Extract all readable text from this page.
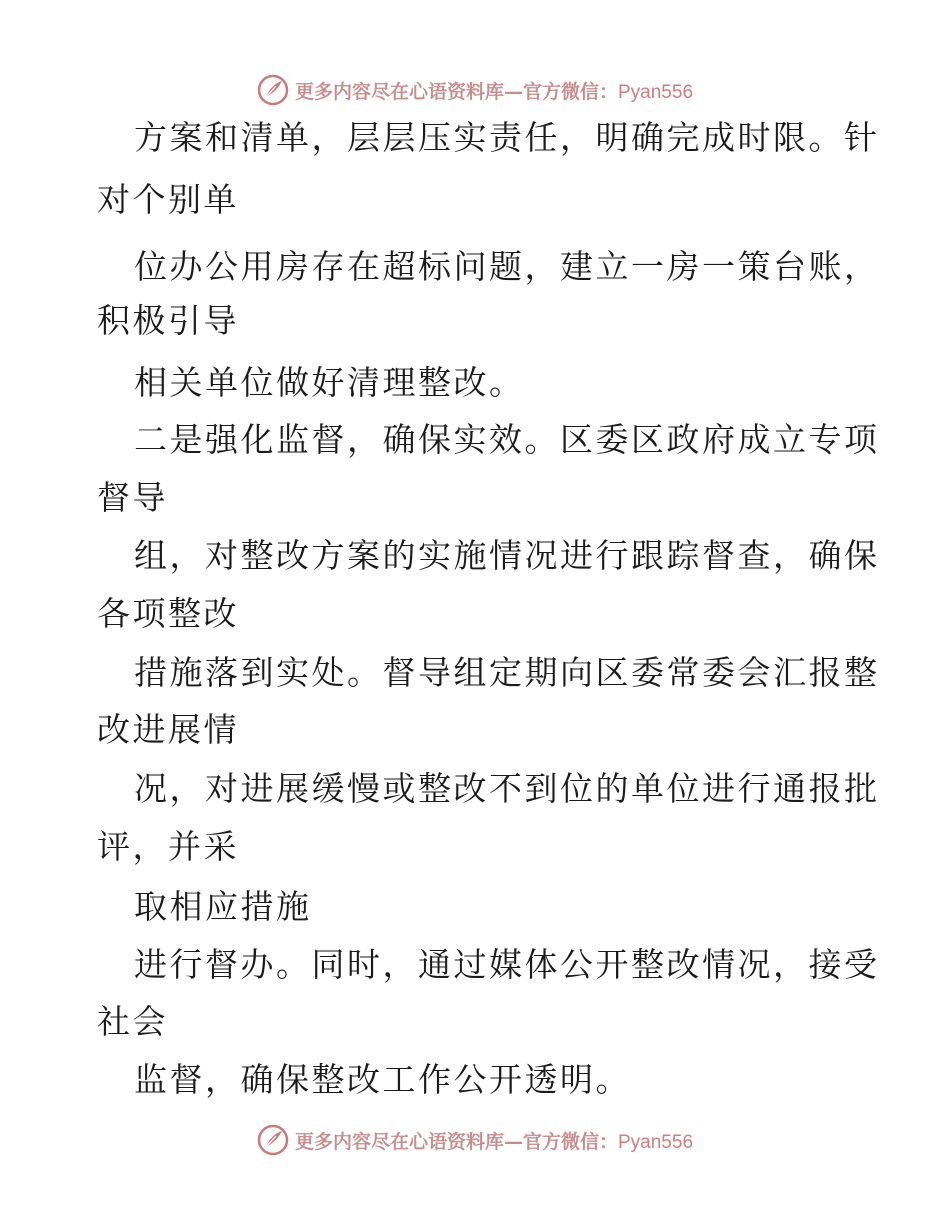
更多内容尽在心语资料库—官方微信：Pyan556
方案和清单，层层压实责任，明确完成时限。针
对个别单
位办公用房存在超标问题，建立一房一策台账，
积极引导
相关单位做好清理整改。
二是强化监督，确保实效。区委区政府成立专项
督导
组，对整改方案的实施情况进行跟踪督查，确保
各项整改
措施落到实处。督导组定期向区委常委会汇报整
改进展情
况，对进展缓慢或整改不到位的单位进行通报批
评，并采
取相应措施
进行督办。同时，通过媒体公开整改情况，接受
社会
监督，确保整改工作公开透明。
更多内容尽在心语资料库—官方微信：Pyan556
